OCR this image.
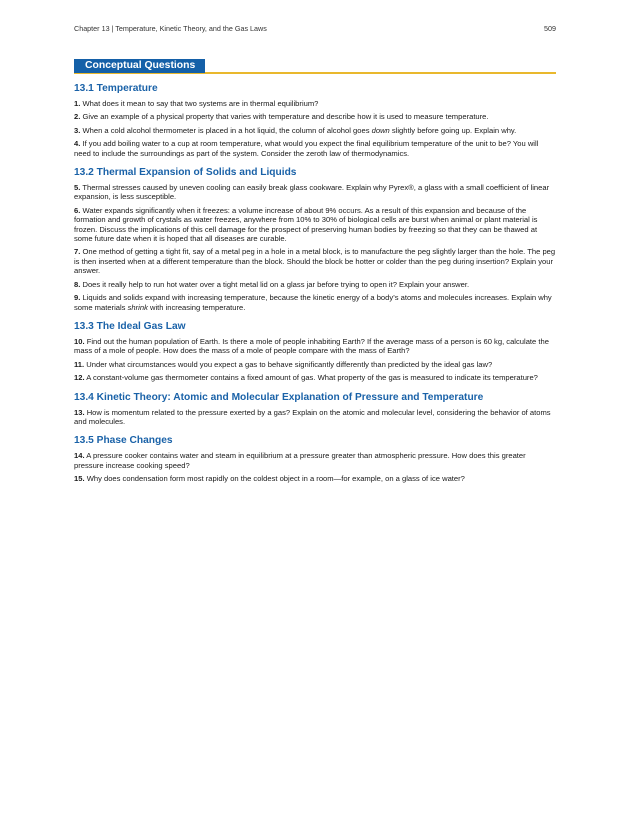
Chapter 13 | Temperature, Kinetic Theory, and the Gas Laws	509
Conceptual Questions
13.1 Temperature

1. What does it mean to say that two systems are in thermal equilibrium?

2. Give an example of a physical property that varies with temperature and describe how it is used to measure temperature.

3. When a cold alcohol thermometer is placed in a hot liquid, the column of alcohol goes down slightly before going up. Explain why.

4. If you add boiling water to a cup at room temperature, what would you expect the final equilibrium temperature of the unit to be? You will need to include the surroundings as part of the system. Consider the zeroth law of thermodynamics.

13.2 Thermal Expansion of Solids and Liquids

5. Thermal stresses caused by uneven cooling can easily break glass cookware. Explain why Pyrex®, a glass with a small coefficient of linear expansion, is less susceptible.

6. Water expands significantly when it freezes: a volume increase of about 9% occurs. As a result of this expansion and because of the formation and growth of crystals as water freezes, anywhere from 10% to 30% of biological cells are burst when animal or plant material is frozen. Discuss the implications of this cell damage for the prospect of preserving human bodies by freezing so that they can be thawed at some future date when it is hoped that all diseases are curable.

7. One method of getting a tight fit, say of a metal peg in a hole in a metal block, is to manufacture the peg slightly larger than the hole. The peg is then inserted when at a different temperature than the block. Should the block be hotter or colder than the peg during insertion? Explain your answer.

8. Does it really help to run hot water over a tight metal lid on a glass jar before trying to open it? Explain your answer.

9. Liquids and solids expand with increasing temperature, because the kinetic energy of a body’s atoms and molecules increases. Explain why some materials shrink with increasing temperature.

13.3 The Ideal Gas Law

10. Find out the human population of Earth. Is there a mole of people inhabiting Earth? If the average mass of a person is 60 kg, calculate the mass of a mole of people. How does the mass of a mole of people compare with the mass of Earth?

11. Under what circumstances would you expect a gas to behave significantly differently than predicted by the ideal gas law?

12. A constant-volume gas thermometer contains a fixed amount of gas. What property of the gas is measured to indicate its temperature?

13.4 Kinetic Theory: Atomic and Molecular Explanation of Pressure and Temperature

13. How is momentum related to the pressure exerted by a gas? Explain on the atomic and molecular level, considering the behavior of atoms and molecules.

13.5 Phase Changes

14. A pressure cooker contains water and steam in equilibrium at a pressure greater than atmospheric pressure. How does this greater pressure increase cooking speed?

15. Why does condensation form most rapidly on the coldest object in a room—for example, on a glass of ice water?
